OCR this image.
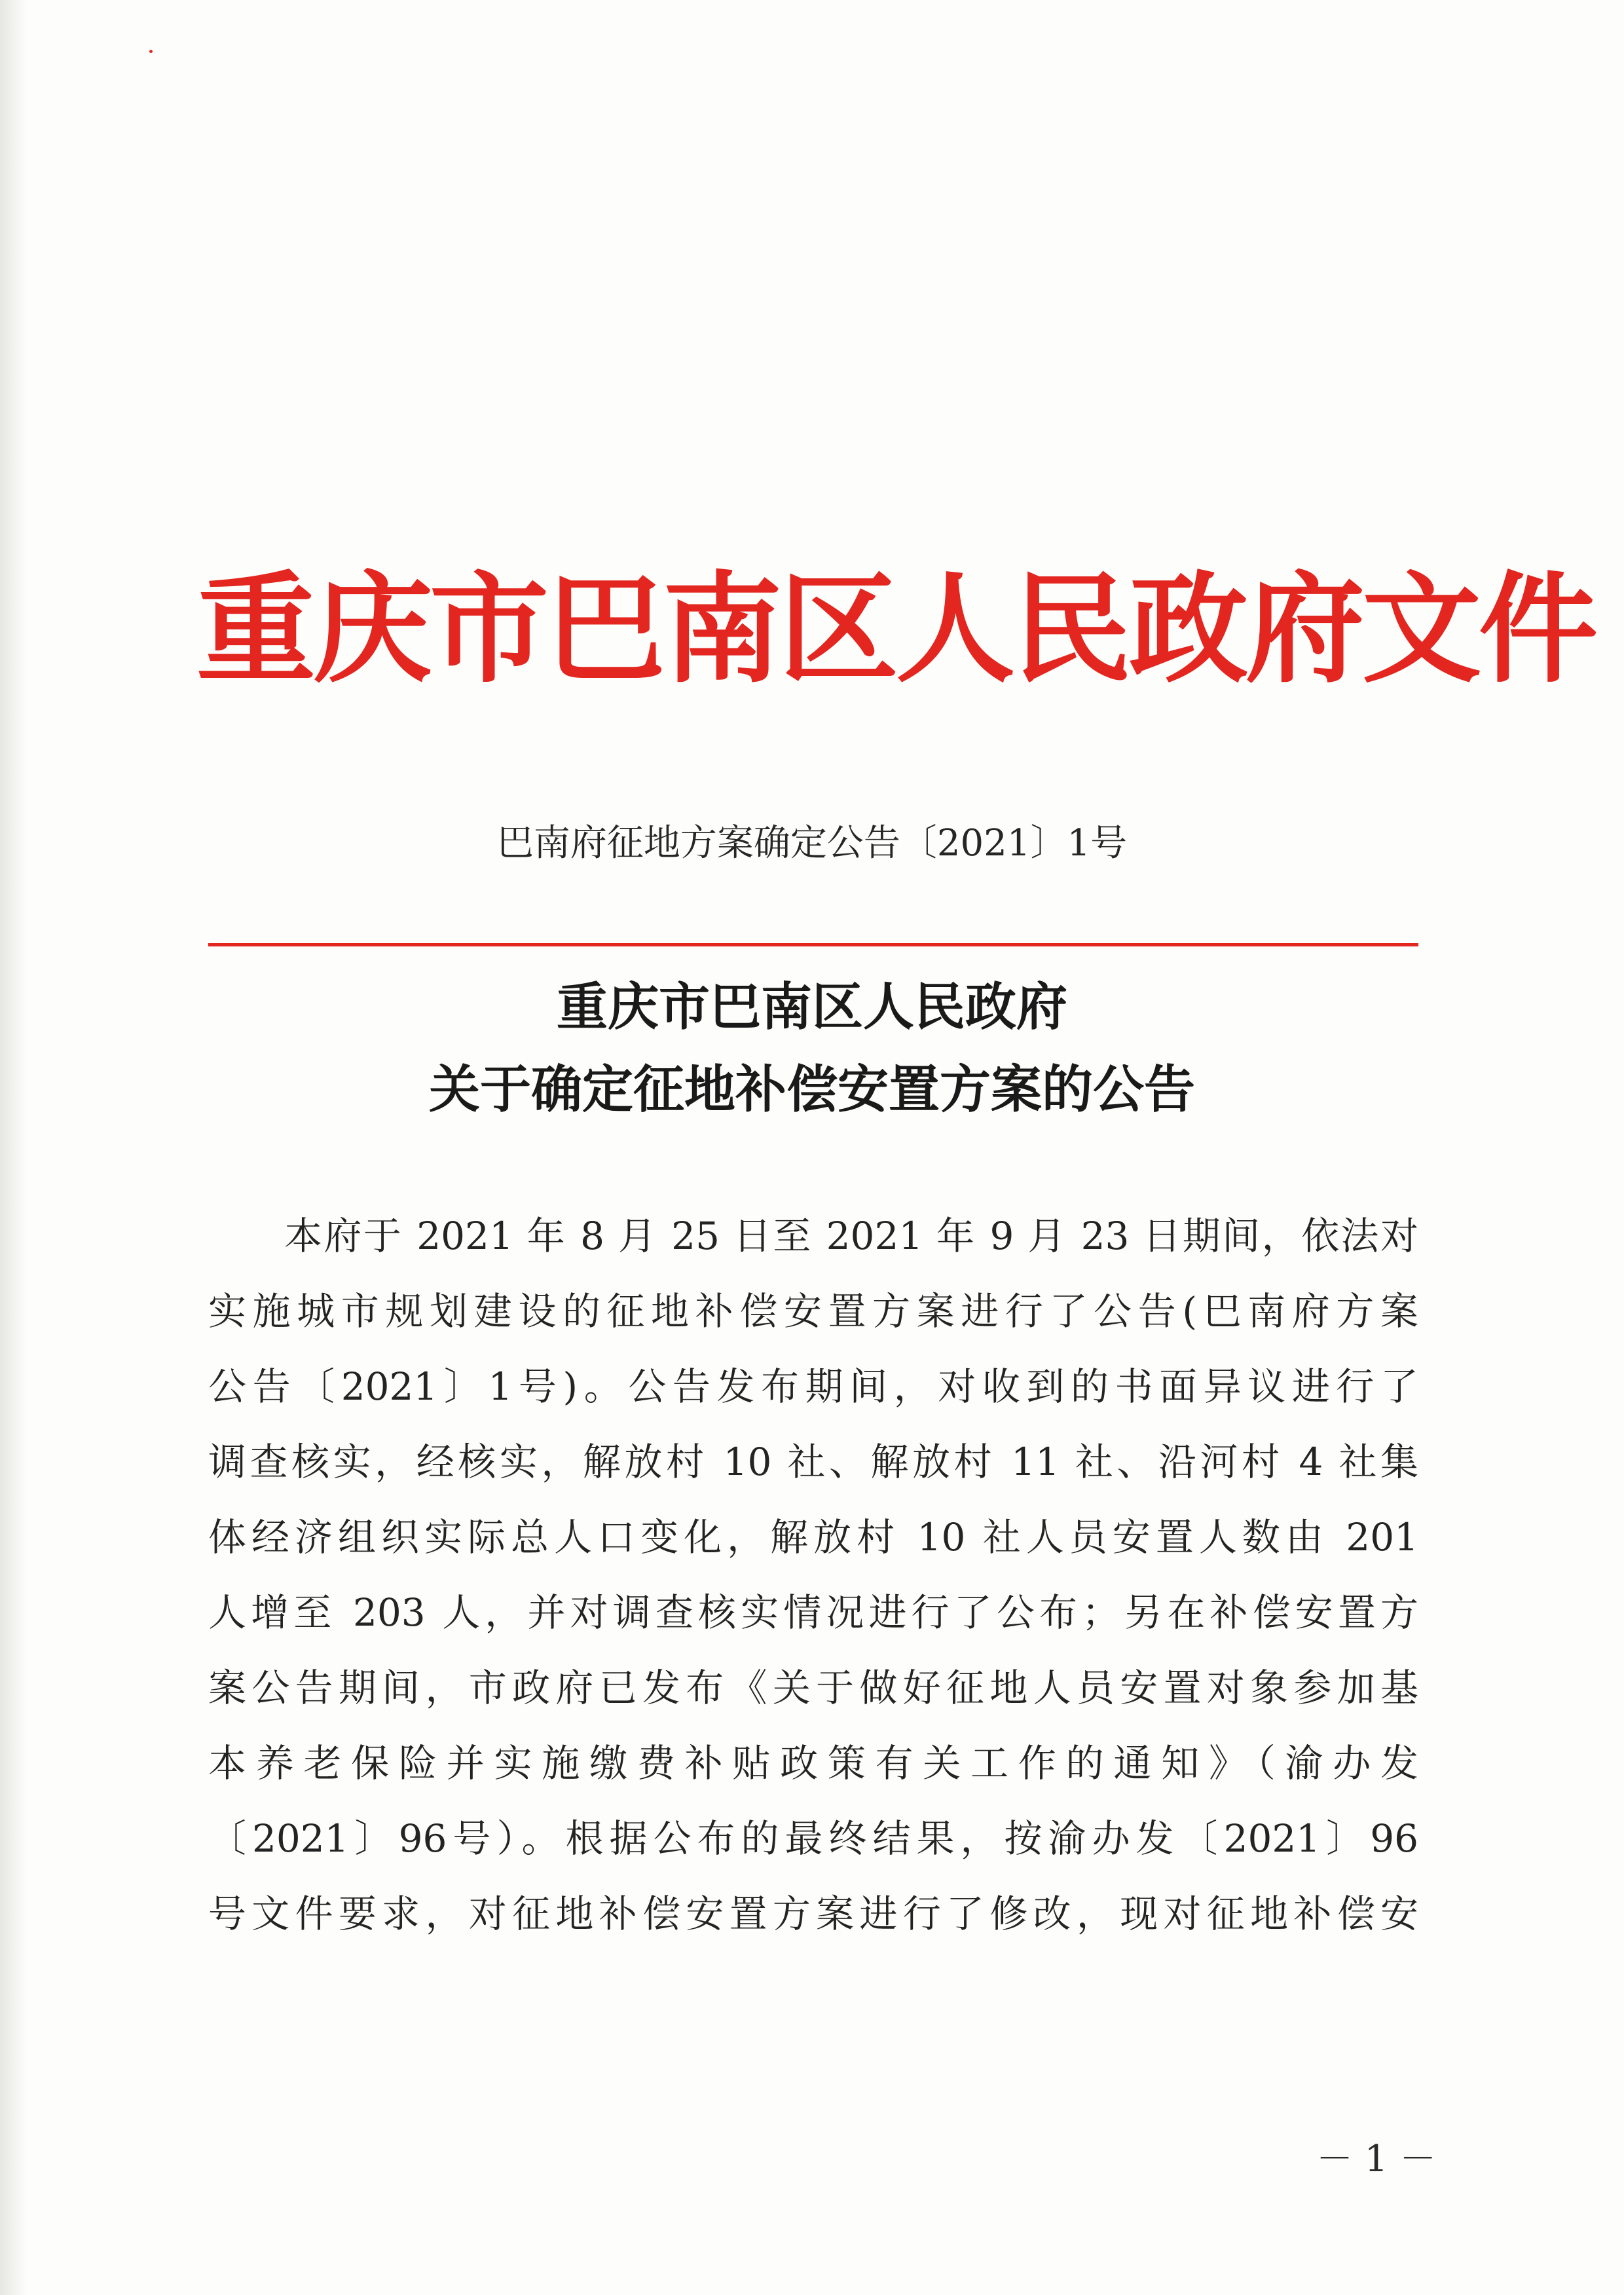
重庆市巴南区人民政府文件
巴南府征地方案确定公告〔2021〕1号
重庆市巴南区人民政府
关于确定征地补偿安置方案的公告
本府于 2021 年 8 月 25 日至 2021 年 9 月 23 日期间，依法对
实施城市规划建设的征地补偿安置方案进行了公告(巴南府方案
公告〔2021〕1号)。公告发布期间，对收到的书面异议进行了
调查核实，经核实，解放村 10 社、解放村 11 社、沿河村 4 社集
体经济组织实际总人口变化，解放村 10 社人员安置人数由 201
人增至 203 人，并对调查核实情况进行了公布；另在补偿安置方
案公告期间，市政府已发布《关于做好征地人员安置对象参加基
本养老保险并实施缴费补贴政策有关工作的通知》（渝办发
〔2021〕96号）。根据公布的最终结果，按渝办发〔2021〕96
号文件要求，对征地补偿安置方案进行了修改，现对征地补偿安
－ 1 －
